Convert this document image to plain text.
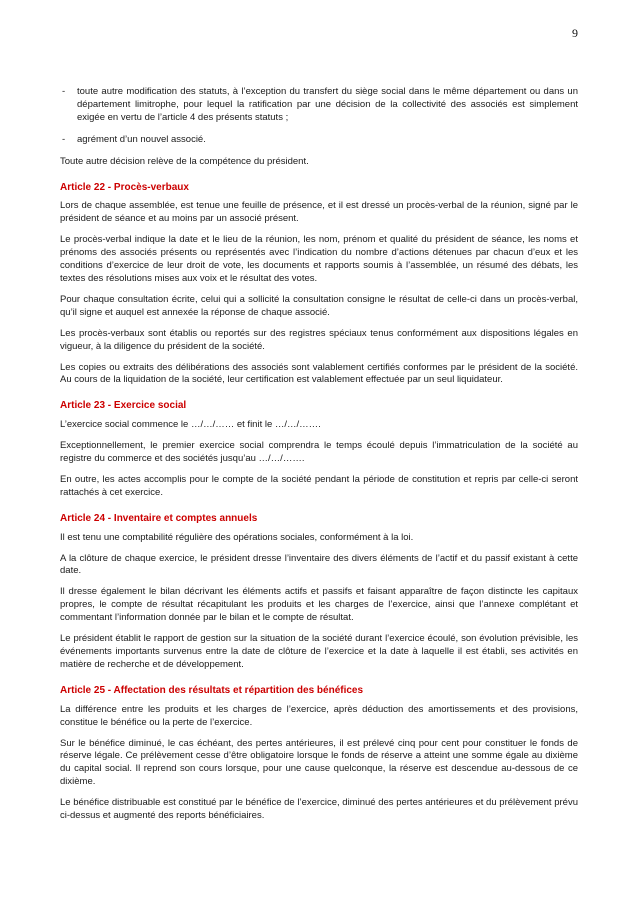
9
-	toute autre modification des statuts, à l’exception du transfert du siège social dans le même département ou dans un département limitrophe, pour lequel la ratification par une décision de la collectivité des associés est simplement exigée en vertu de l’article 4 des présents statuts ;
-	agrément d’un nouvel associé.

Toute autre décision relève de la compétence du président.

Article 22 - Procès-verbaux

Lors de chaque assemblée, est tenue une feuille de présence, et il est dressé un procès-verbal de la réunion, signé par le président de séance et au moins par un associé présent.

Le procès-verbal indique la date et le lieu de la réunion, les nom, prénom et qualité du président de séance, les noms et prénoms des associés présents ou représentés avec l’indication du nombre d’actions détenues par chacun d’eux et les conditions d’exercice de leur droit de vote, les documents et rapports soumis à l’assemblée, un résumé des débats, les textes des résolutions mises aux voix et le résultat des votes.

Pour chaque consultation écrite, celui qui a sollicité la consultation consigne le résultat de celle-ci dans un procès-verbal, qu’il signe et auquel est annexée la réponse de chaque associé.

Les procès-verbaux sont établis ou reportés sur des registres spéciaux tenus conformément aux dispositions légales en vigueur, à la diligence du président de la société.

Les copies ou extraits des délibérations des associés sont valablement certifiés conformes par le président de la société. Au cours de la liquidation de la société, leur certification est valablement effectuée par un seul liquidateur.

Article 23 - Exercice social

L’exercice social commence le …/…/…… et finit le …/…/…….

Exceptionnellement, le premier exercice social comprendra le temps écoulé depuis l’immatriculation de la société au registre du commerce et des sociétés jusqu’au …/…/…….

En outre, les actes accomplis pour le compte de la société pendant la période de constitution et repris par celle-ci seront rattachés à cet exercice.

Article 24 - Inventaire et comptes annuels

Il est tenu une comptabilité régulière des opérations sociales, conformément à la loi.

A la clôture de chaque exercice, le président dresse l’inventaire des divers éléments de l’actif et du passif existant à cette date.

Il dresse également le bilan décrivant les éléments actifs et passifs et faisant apparaître de façon distincte les capitaux propres, le compte de résultat récapitulant les produits et les charges de l’exercice, ainsi que l’annexe complétant et commentant l’information donnée par le bilan et le compte de résultat.

Le président établit le rapport de gestion sur la situation de la société durant l’exercice écoulé, son évolution prévisible, les événements importants survenus entre la date de clôture de l’exercice et la date à laquelle il est établi, ses activités en matière de recherche et de développement.

Article 25 - Affectation des résultats et répartition des bénéfices

La différence entre les produits et les charges de l’exercice, après déduction des amortissements et des provisions, constitue le bénéfice ou la perte de l’exercice.

Sur le bénéfice diminué, le cas échéant, des pertes antérieures, il est prélevé cinq pour cent pour constituer le fonds de réserve légale. Ce prélèvement cesse d’être obligatoire lorsque le fonds de réserve a atteint une somme égale au dixième du capital social. Il reprend son cours lorsque, pour une cause quelconque, la réserve est descendue au-dessous de ce dixième.

Le bénéfice distribuable est constitué par le bénéfice de l’exercice, diminué des pertes antérieures et du prélèvement prévu ci-dessus et augmenté des reports bénéficiaires.
